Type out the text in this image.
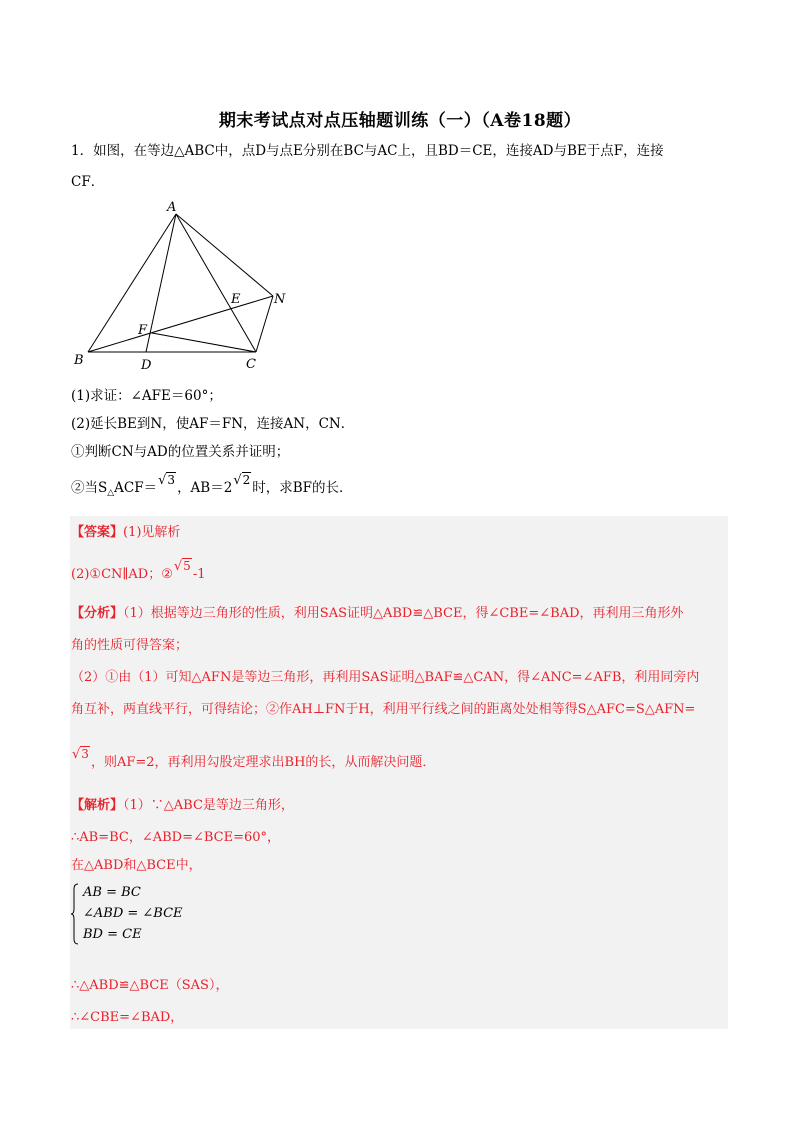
期末考试点对点压轴题训练（一）（A卷18题）
1．如图，在等边△ABC中，点D与点E分别在BC与AC上，且BD＝CE，连接AD与BE于点F，连接
CF．
A
B	C
D
E
F
N
(1)求证：∠AFE＝60°；
(2)延长BE到N，使AF＝FN，连接AN，CN．
①判断CN与AD的位置关系并证明；
②当$S_\triangle ACF=√3$ ，AB＝2√2 时，求BF的长．
【答案】(1)见解析
(2)①CN∥AD；②√5-1
【分析】（1）根据等边三角形的性质，利用SAS证明△ABD≌△BCE，得∠CBE=∠BAD，再利用三角形外
角的性质可得答案；
（2）①由（1）可知△AFN是等边三角形，再利用SAS证明△BAF≌△CAN，得∠ANC=∠AFB，利用同旁内
角互补，两直线平行，可得结论；②作AH⊥FN于H，利用平行线之间的距离处处相等得S△AFC=S△AFN=
√3，则AF=2，再利用勾股定理求出BH的长，从而解决问题．
【解析】（1）∵△ABC是等边三角形，
∴AB=BC，∠ABD=∠BCE=60°，
在△ABD和△BCE中，
AB = BC
∠ABD = ∠BCE
BD = CE
∴△ABD≌△BCE（SAS），
∴∠CBE=∠BAD，
